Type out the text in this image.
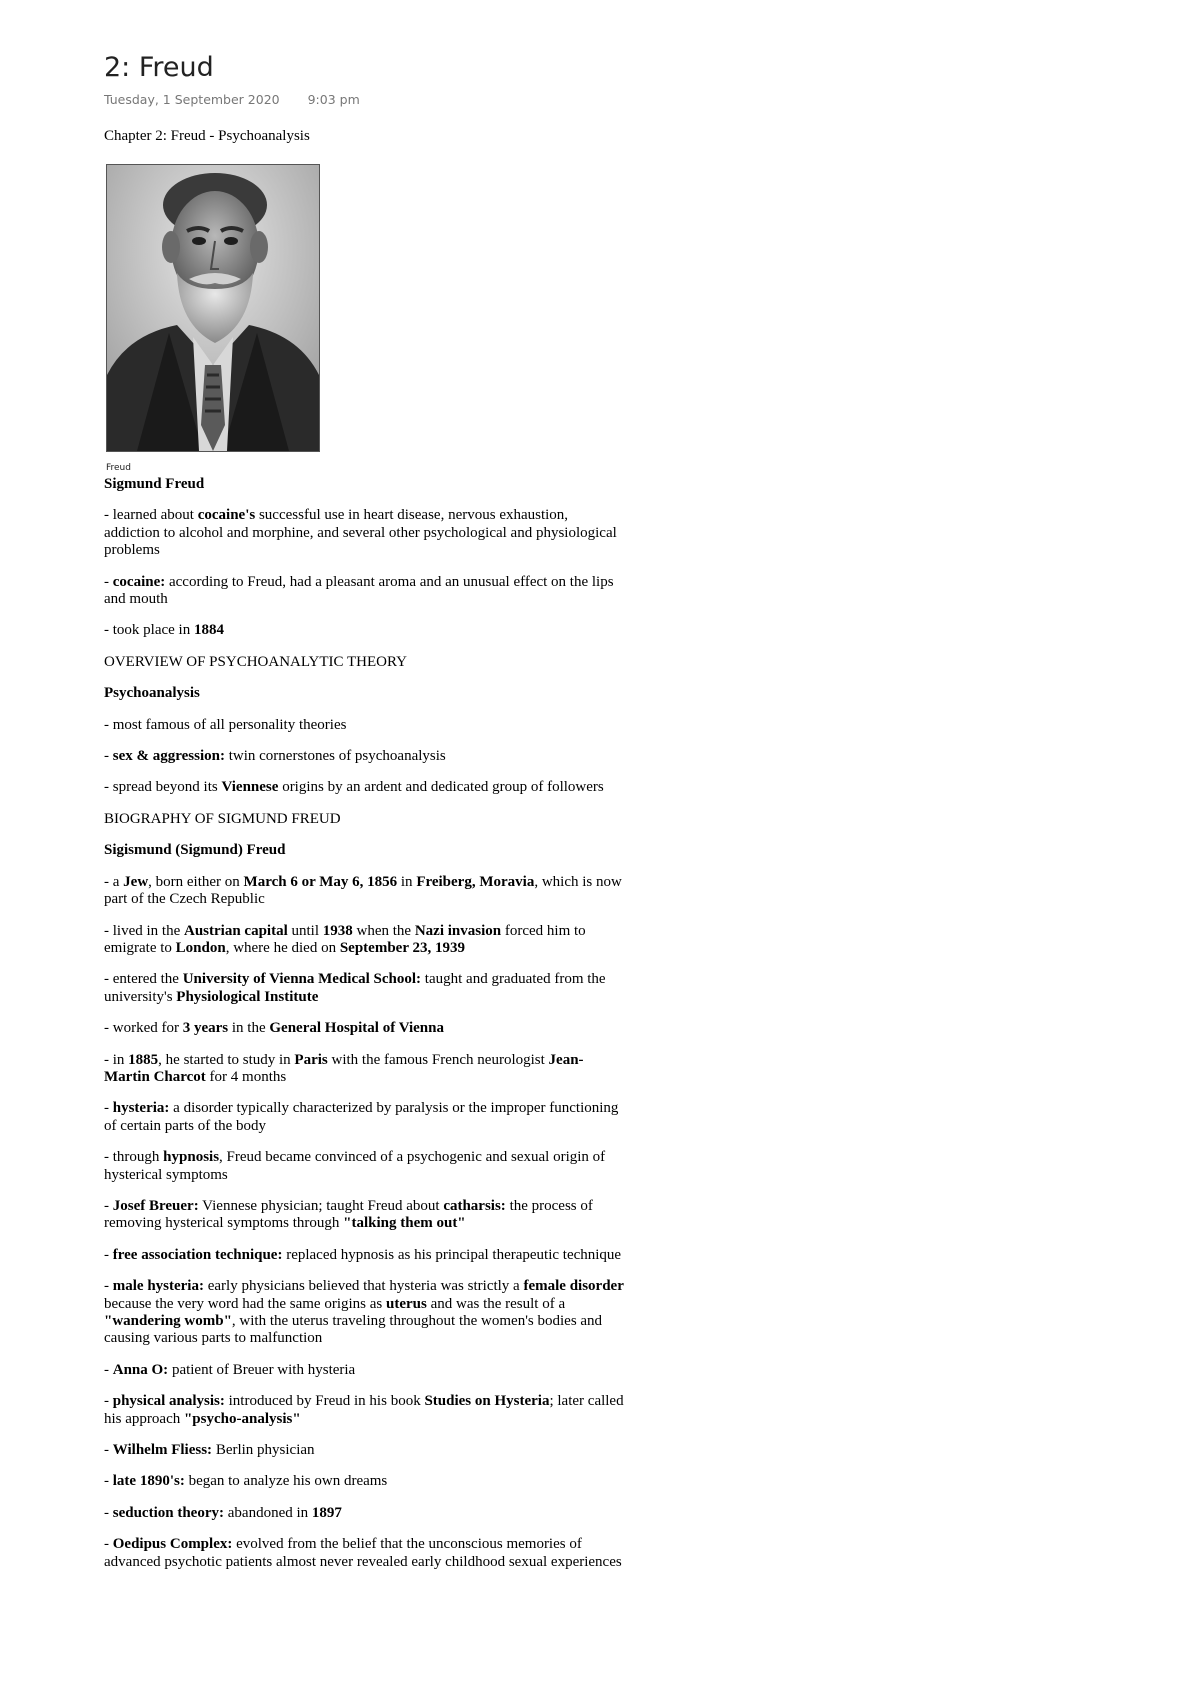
2: Freud
Tuesday, 1 September 2020 9:03 pm
Chapter 2: Freud - Psychoanalysis
Freud

Sigmund Freud

- learned about cocaine's successful use in heart disease, nervous exhaustion, addiction to alcohol and morphine, and several other psychological and physiological problems

- cocaine: according to Freud, had a pleasant aroma and an unusual effect on the lips and mouth

- took place in 1884

OVERVIEW OF PSYCHOANALYTIC THEORY

Psychoanalysis

- most famous of all personality theories

- sex & aggression: twin cornerstones of psychoanalysis

- spread beyond its Viennese origins by an ardent and dedicated group of followers

BIOGRAPHY OF SIGMUND FREUD

Sigismund (Sigmund) Freud

- a Jew, born either on March 6 or May 6, 1856 in Freiberg, Moravia, which is now part of the Czech Republic

- lived in the Austrian capital until 1938 when the Nazi invasion forced him to emigrate to London, where he died on September 23, 1939

- entered the University of Vienna Medical School: taught and graduated from the university's Physiological Institute

- worked for 3 years in the General Hospital of Vienna

- in 1885, he started to study in Paris with the famous French neurologist Jean-Martin Charcot for 4 months

- hysteria: a disorder typically characterized by paralysis or the improper functioning of certain parts of the body

- through hypnosis, Freud became convinced of a psychogenic and sexual origin of hysterical symptoms

- Josef Breuer: Viennese physician; taught Freud about catharsis: the process of removing hysterical symptoms through "talking them out"

- free association technique: replaced hypnosis as his principal therapeutic technique

- male hysteria: early physicians believed that hysteria was strictly a female disorder because the very word had the same origins as uterus and was the result of a "wandering womb", with the uterus traveling throughout the women's bodies and causing various parts to malfunction

- Anna O: patient of Breuer with hysteria

- physical analysis: introduced by Freud in his book Studies on Hysteria; later called his approach "psycho-analysis"

- Wilhelm Fliess: Berlin physician

- late 1890's: began to analyze his own dreams

- seduction theory: abandoned in 1897

- Oedipus Complex: evolved from the belief that the unconscious memories of advanced psychotic patients almost never revealed early childhood sexual experiences
